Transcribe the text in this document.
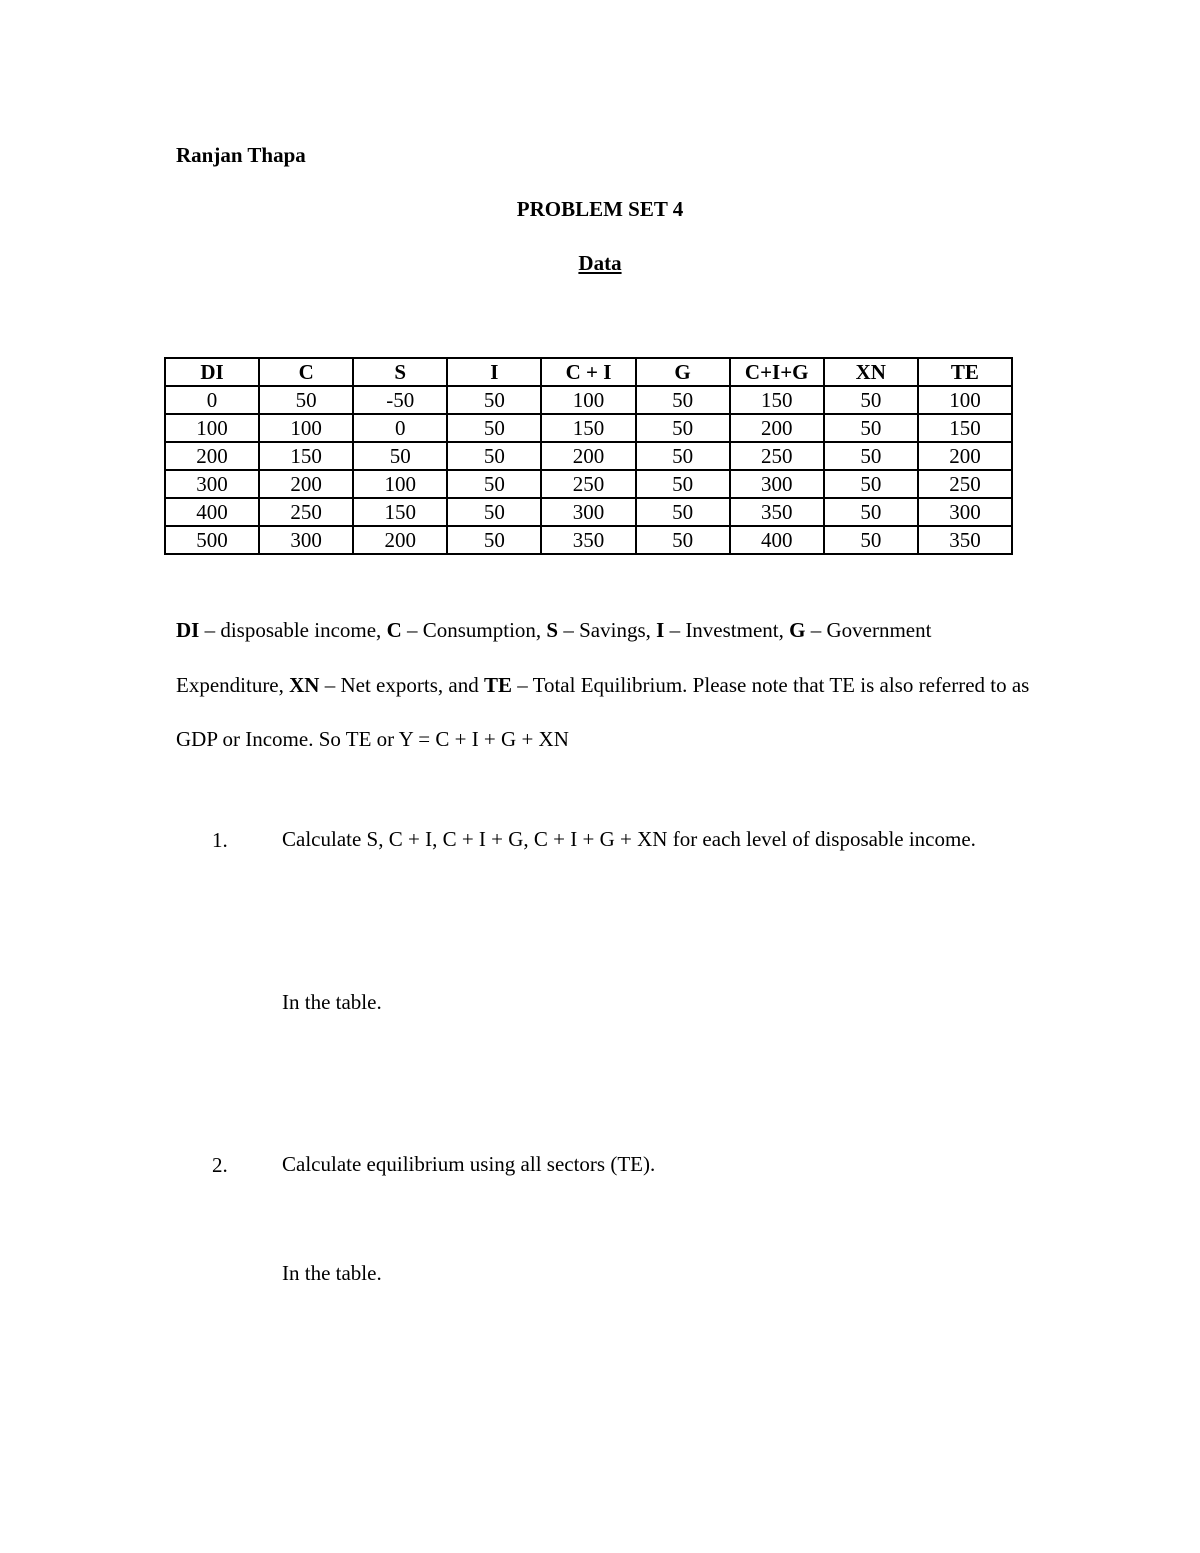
Ranjan Thapa
PROBLEM SET 4
Data
DI	C	S	I	C + I	G	C+I+G	XN	TE
0	50	-50	50	100	50	150	50	100
100	100	0	50	150	50	200	50	150
200	150	50	50	200	50	250	50	200
300	200	100	50	250	50	300	50	250
400	250	150	50	300	50	350	50	300
500	300	200	50	350	50	400	50	350
DI – disposable income, C – Consumption, S – Savings, I – Investment, G – Government Expenditure, XN – Net exports, and TE – Total Equilibrium. Please note that TE is also referred to as GDP or Income. So TE or Y = C + I + G + XN
1.	Calculate S, C + I, C + I + G, C + I + G + XN for each level of disposable income.
In the table.
2.	Calculate equilibrium using all sectors (TE).
In the table.
